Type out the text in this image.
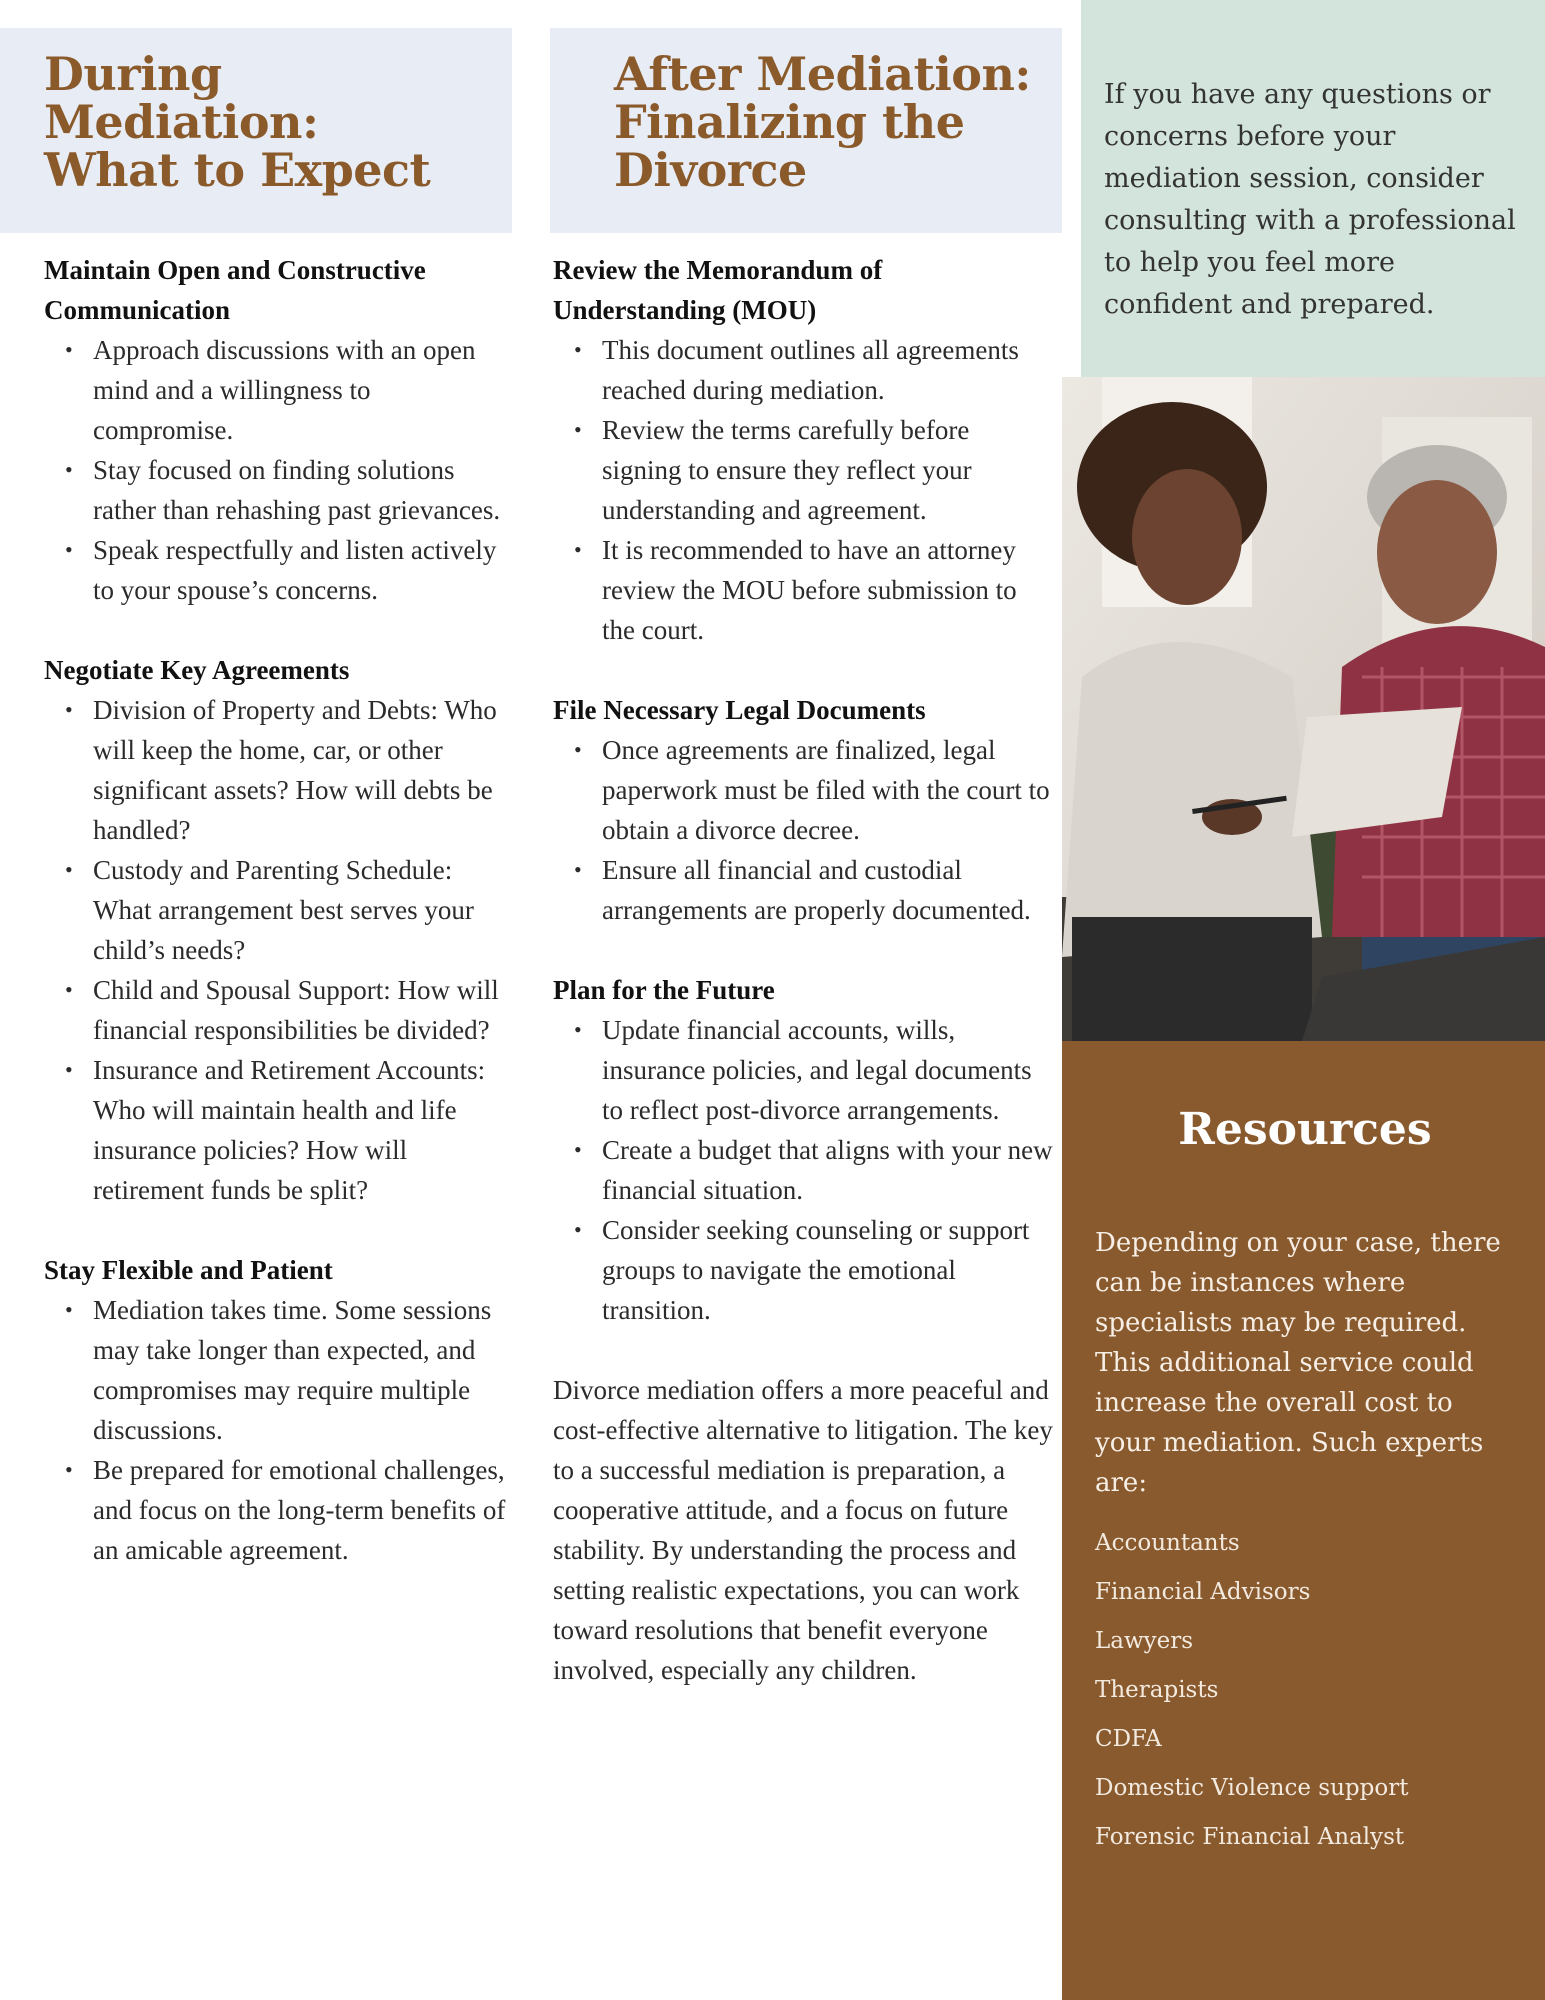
During
Mediation:
What to Expect
After Mediation:
Finalizing the
Divorce

Maintain Open and Constructive Communication

• Approach discussions with an open mind and a willingness to compromise.
• Stay focused on finding solutions rather than rehashing past grievances.
• Speak respectfully and listen actively to your spouse’s concerns.

Negotiate Key Agreements

• Division of Property and Debts: Who will keep the home, car, or other significant assets? How will debts be handled?
• Custody and Parenting Schedule: What arrangement best serves your child’s needs?
• Child and Spousal Support: How will financial responsibilities be divided?
• Insurance and Retirement Accounts: Who will maintain health and life insurance policies? How will retirement funds be split?

Stay Flexible and Patient

• Mediation takes time. Some sessions may take longer than expected, and compromises may require multiple discussions.
• Be prepared for emotional challenges, and focus on the long-term benefits of an amicable agreement.

Review the Memorandum of Understanding (MOU)

• This document outlines all agreements reached during mediation.
• Review the terms carefully before signing to ensure they reflect your understanding and agreement.
• It is recommended to have an attorney review the MOU before submission to the court.

File Necessary Legal Documents

• Once agreements are finalized, legal paperwork must be filed with the court to obtain a divorce decree.
• Ensure all financial and custodial arrangements are properly documented.

Plan for the Future

• Update financial accounts, wills, insurance policies, and legal documents to reflect post-divorce arrangements.
• Create a budget that aligns with your new financial situation.
• Consider seeking counseling or support groups to navigate the emotional transition.

Divorce mediation offers a more peaceful and cost-effective alternative to litigation. The key to a successful mediation is preparation, a cooperative attitude, and a focus on future stability. By understanding the process and setting realistic expectations, you can work toward resolutions that benefit everyone involved, especially any children.

If you have any questions or concerns before your mediation session, consider consulting with a professional to help you feel more confident and prepared.
Resources

Depending on your case, there can be instances where specialists may be required. This additional service could increase the overall cost to your mediation. Such experts are:

Accountants
Financial Advisors
Lawyers
Therapists
CDFA
Domestic Violence support
Forensic Financial Analyst
